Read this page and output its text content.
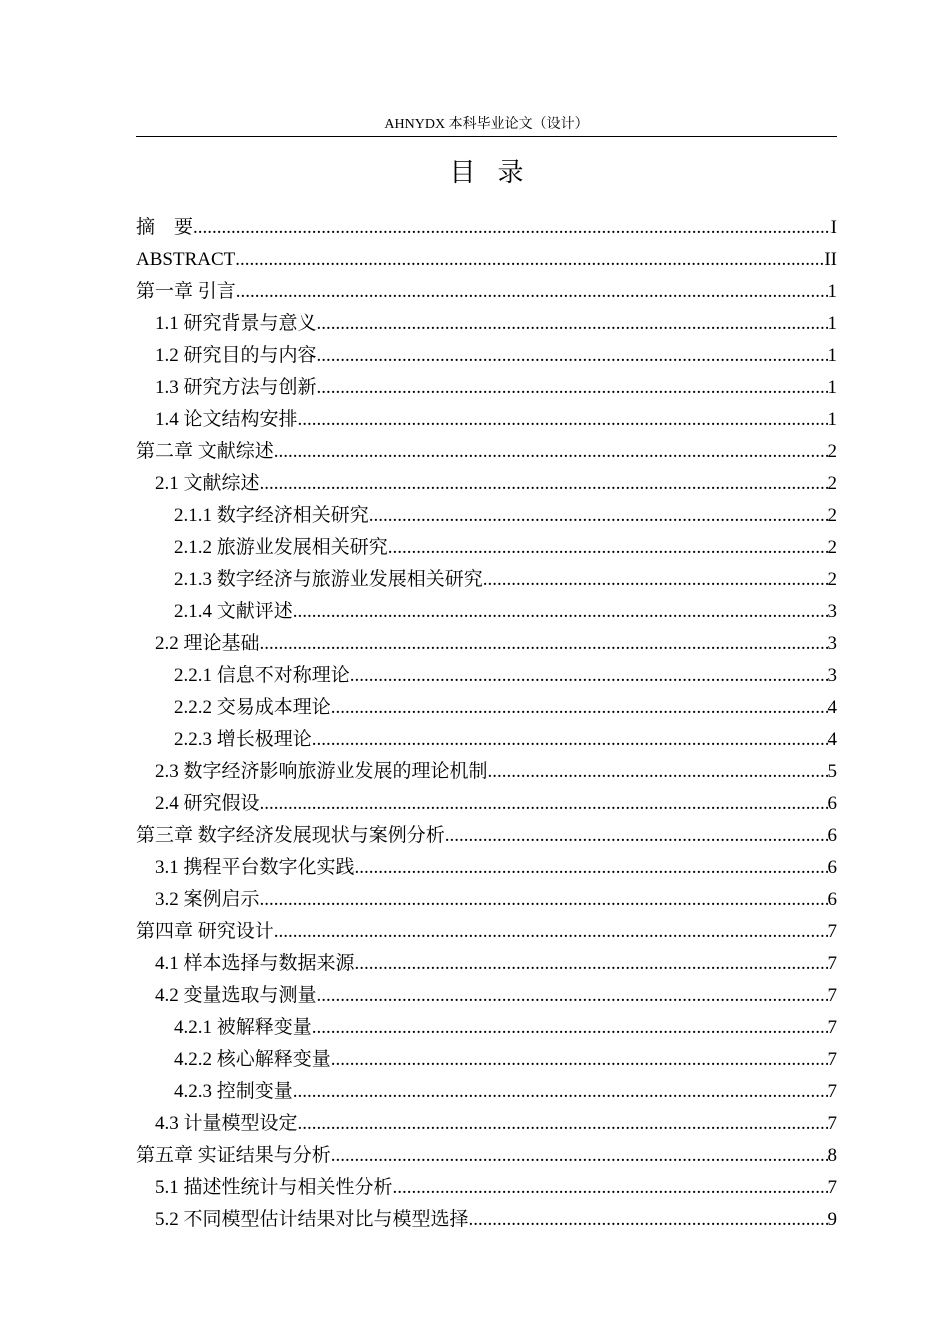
AHNYDX 本科毕业论文（设计）
目录
摘　要 .....	I
ABSTRACT .....	II
第一章 引言 .....	1
1.1 研究背景与意义 .....	1
1.2 研究目的与内容 .....	1
1.3 研究方法与创新 .....	1
1.4 论文结构安排 .....	1
第二章 文献综述 .....	2
2.1 文献综述 .....	2
2.1.1 数字经济相关研究 .....	2
2.1.2 旅游业发展相关研究 .....	2
2.1.3 数字经济与旅游业发展相关研究 .....	2
2.1.4 文献评述 .....	3
2.2 理论基础 .....	3
2.2.1 信息不对称理论 .....	3
2.2.2 交易成本理论 .....	4
2.2.3 增长极理论 .....	4
2.3 数字经济影响旅游业发展的理论机制 .....	5
2.4 研究假设 .....	6
第三章 数字经济发展现状与案例分析 .....	6
3.1 携程平台数字化实践 .....	6
3.2 案例启示 .....	6
第四章 研究设计 .....	7
4.1 样本选择与数据来源 .....	7
4.2 变量选取与测量 .....	7
4.2.1 被解释变量 .....	7
4.2.2 核心解释变量 .....	7
4.2.3 控制变量 .....	7
4.3 计量模型设定 .....	7
第五章 实证结果与分析 .....	8
5.1 描述性统计与相关性分析 .....	7
5.2 不同模型估计结果对比与模型选择 .....	9
